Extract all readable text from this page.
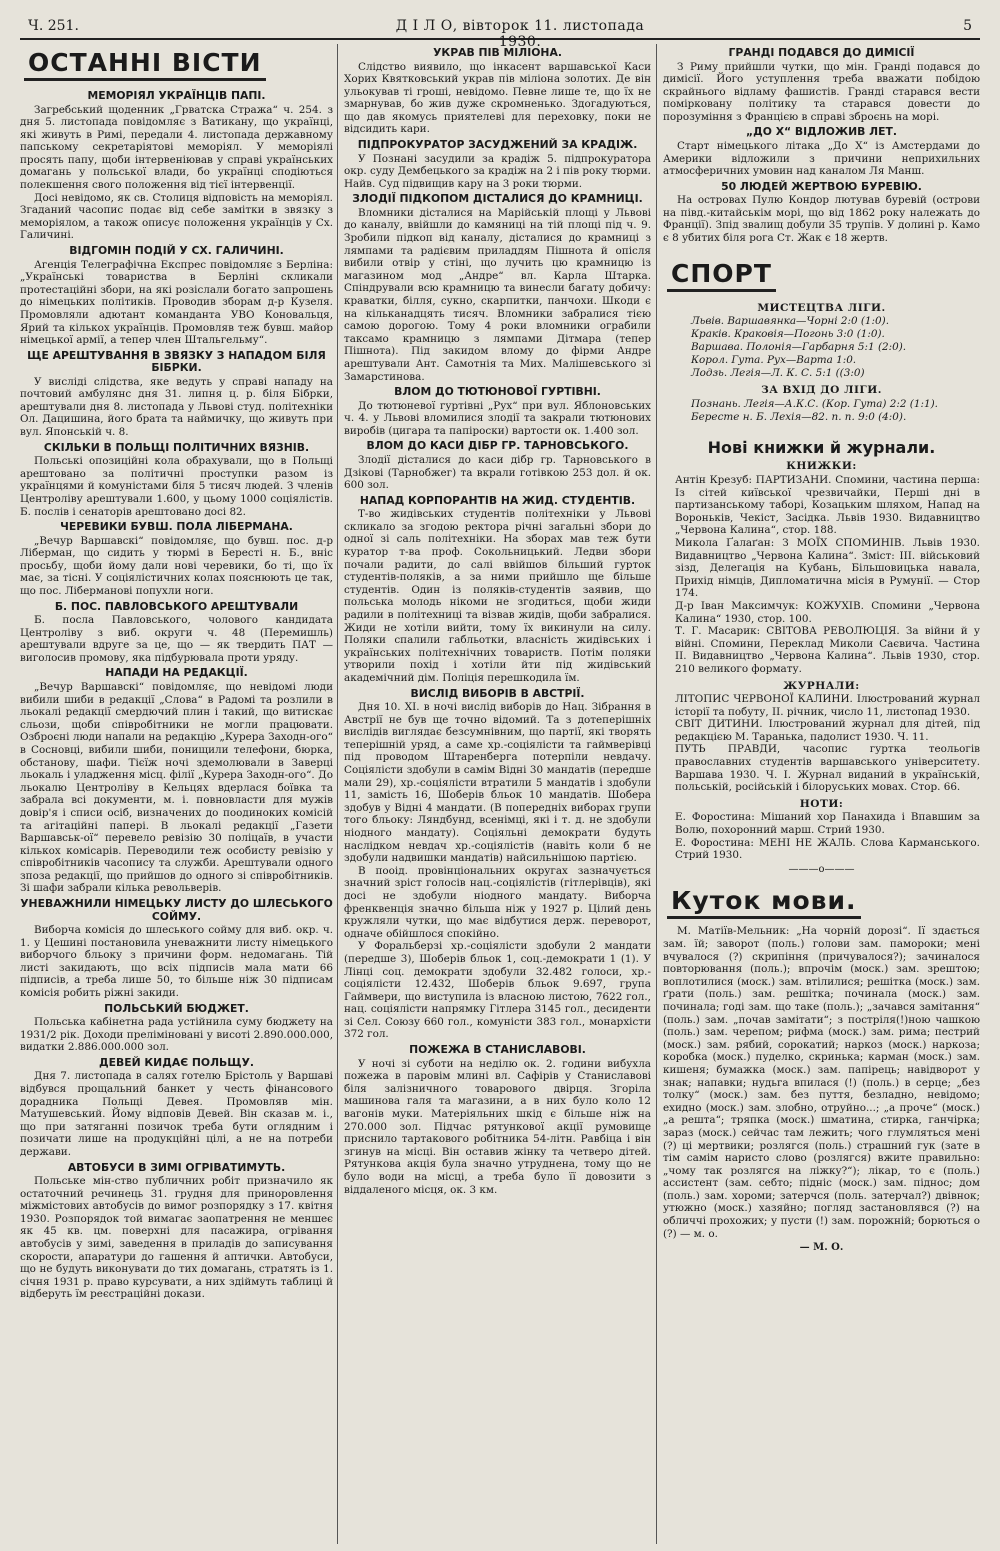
Ч. 251.	Д І Л О, вівторок 11. листопада 1930.
5
ОСТАННІ ВІСТИ
МЕМОРІЯЛ УКРАЇНЦІВ ПАПІ.

Загребський щоденник „Грватска Стража“ ч. 254. з дня 5. листопада повідомляє з Ватикану, що українці, які живуть в Римі, передали 4. листопада державному папському секретаріятові меморіял. У меморіялі просять папу, щоби інтервеніював у справі українських домагань у польської влади, бо українці сподіються полекшення свого положення від тієї інтервенції.

Досі невідомо, як св. Столиця відповість на меморіял. Згаданий часопис подає від себе замітки в звязку з меморіялом, а також описує положення українців у Сх. Галичині.

ВІДГОМІН ПОДІЙ У СХ. ГАЛИЧИНІ.

Агенція Телеграфічна Експрес повідомляє з Берліна: „Українські товариства в Берліні скликали протестаційні збори, на які розіслали богато запрошень до німецьких політиків. Проводив зборам д-р Кузеля. Промовляли адютант команданта УВО Коновальця, Ярий та кількох українців. Промовляв теж бувш. майор німецької армії, а тепер член Штальгельму“.

ЩЕ АРЕШТУВАННЯ В ЗВЯЗКУ З НАПАДОМ БІЛЯ БІБРКИ.

У висліді слідства, яке ведуть у справі нападу на почтовий амбулянс дня 31. липня ц. р. біля Бібрки, арештували дня 8. листопада у Львові студ. політехніки Ол. Дацишина, його брата та наймичку, що живуть при вул. Японській ч. 8.

СКІЛЬКИ В ПОЛЬЩІ ПОЛІТИЧНИХ ВЯЗНІВ.

Польські опозиційні кола обрахували, що в Польщі арештовано за політичні проступки разом із українцями й комуністами біля 5 тисяч людей. З членів Центроліву арештували 1.600, у цьому 1000 соціялістів. Б. послів і сенаторів арештовано досі 82.

ЧЕРЕВИКИ БУВШ. ПОЛА ЛІБЕРМАНА.

„Вечур Варшавскі“ повідомляє, що бувш. пос. д-р Ліберман, що сидить у тюрмі в Бересті н. Б., вніс просьбу, щоби йому дали нові черевики, бо ті, що їх має, за тісні. У соціялістичних колах пояснюють це так, що пос. Ліберманові попухли ноги.

Б. ПОС. ПАВЛОВСЬКОГО АРЕШТУВАЛИ

Б. посла Павловського, чолового кандидата Центроліву з виб. округи ч. 48 (Перемишль) арештували вдруге за це, що — як твердить ПАТ — виголосив промову, яка підбурювала проти уряду.

НАПАДИ НА РЕДАКЦІЇ.

„Вечур Варшавскі“ повідомляє, що невідомі люди вибили шиби в редакції „Слова“ в Радомі та розлили в льокалі редакції смердючий плин і такий, що витискає сльози, щоби співробітники не могли працювати. Озброєні люди напали на редакцію „Курера Заходн-ого“ в Сосновці, вибили шиби, понищили телефони, бюрка, обстанову, шафи. Тієїж ночі здемолювали в Заверці льокаль і уладження місц. філії „Курера Заходн-ого“. До льокалю Центроліву в Кельцях вдерлася боївка та забрала всі документи, м. і. повновласти для мужів довір'я і списи осіб, визначених до поодиноких комісій та агітаційні папері. В льокалі редакції „Газети Варшавськ-ої“ перевело ревізію 30 поліцаїв, в участи кількох комісарів. Переводили теж особисту ревізію у співробітників часопису та служби. Арештували одного зпоза редакції, що прийшов до одного зі співробітників. Зі шафи забрали кілька револьверів.

УНЕВАЖНИЛИ НІМЕЦЬКУ ЛИСТУ ДО ШЛЕСЬКОГО СОЙМУ.

Виборча комісія до шлеського сойму для виб. окр. ч. 1. у Цешині постановила уневажнити листу німецького виборчого бльоку з причини форм. недомагань. Тій листі закидають, що всіх підписів мала мати 66 підписів, а треба лише 50, то більше ніж 30 підписам комісія робить ріжні закиди.

ПОЛЬСЬКИЙ БЮДЖЕТ.

Польська кабінетна рада устійнила суму бюджету на 1931/2 рік. Доходи преліміновані у висоті 2.890.000.000, видатки 2.886.000.000 зол.

ДЕВЕЙ КИДАЄ ПОЛЬЩУ.

Дня 7. листопада в салях готелю Брістоль у Варшаві відбувся прощальний банкет у честь фінансового дорадника Польщі Девея. Промовляв мін. Матушевський. Йому відповів Девей. Він сказав м. і., що при затяганні позичок треба бути оглядним і позичати лише на продукційні цілі, а не на потреби держави.

АВТОБУСИ В ЗИМІ ОГРІВАТИМУТЬ.

Польське мін-ство публичних робіт призначило як остаточний речинець 31. грудня для приноровлення міжмістових автобусів до вимог розпорядку з 17. квітня 1930. Розпорядок той вимагає заопатрення не меншеє як 45 кв. цм. поверхні для пасажира, огрівання автобусів у зимі, заведення в приладів до записування скорости, апаратури до гашення й аптички. Автобуси, що не будуть виконувати до тих домагань, стратять із 1. січня 1931 р. право курсувати, а них здіймуть таблиці й відберуть їм реєстраційні докази.

УКРАВ ПІВ МІЛІОНА.

Слідство виявило, що інкасент варшавської Каси Хорих Квятковський украв пів міліона золотих. Де він ульокував ті гроші, невідомо. Певне лише те, що їх не змарнував, бо жив дуже скромненько. Здогадуються, що дав якомусь приятелеві для переховку, поки не відсидить кари.

ПІДПРОКУРАТОР ЗАСУДЖЕНИЙ ЗА КРАДІЖ.

У Познані засудили за крадіж 5. підпрокуратора окр. суду Дембецького за крадіж на 2 і пів року тюрми. Найв. Суд підвищив кару на 3 роки тюрми.

ЗЛОДІЇ ПІДКОПОМ ДІСТАЛИСЯ ДО КРАМНИЦІ.

Вломники дісталися на Марійській площі у Львові до каналу, ввійшли до камяниці на тій площі під ч. 9. Зробили підкоп від каналу, дісталися до крамниці з лямпами та радієвим приладдям Пішнота й опісля вибили отвір у стіні, що лучить цю крамницю із магазином мод „Андре“ вл. Карла Штарка. Спіндрували всю крамницю та винесли багату добичу: краватки, білля, сукно, скарпитки, панчохи. Шкоди є на кільканадцять тисяч. Вломники забралися тією самою дорогою. Тому 4 роки вломники ограбили таксамо крамницю з лямпами Дітмара (тепер Пішнота). Під закидом вломy до фірми Андре арештували Ант. Самотнія та Мих. Малішевського зі Замарстинова.

ВЛОМ ДО ТЮТЮНОВОЇ ГУРТІВНІ.

До тютюневої гуртівні „Рух“ при вул. Яблоновських ч. 4. у Львові вломилися злодії та закрали тютюнових виробів (цигара та папіроски) вартости ок. 1.400 зол.

ВЛОМ ДО КАСИ ДІБР ГР. ТАРНОВСЬКОГО.

Злодії дісталися до каси дібр гр. Тарновського в Дзікові (Тарнобжег) та вкрали готівкою 253 дол. й ок. 600 зол.

НАПАД КОРПОРАНТІВ НА ЖИД. СТУДЕНТІВ.

Т-во жидівських студентів політехніки у Львові скликало за згодою ректора річні загальні збори до одної зі саль політехніки. На зборах мав теж бути куратор т-ва проф. Сокольницький. Ледви збори почали радити, до салі ввійшов більший гурток студентів-поляків, а за ними прийшло ще більше студентів. Один із поляків-студентів заявив, що польська молодь нікоми не згодиться, щоби жиди радили в політехниці та візвав жидів, щоби забралися. Жиди не хотіли вийти, тому їх викинули на силу. Поляки спалили габльотки, власність жидівських і українських політехнічних товариств. Потім поляки утворили похід і хотіли йти під жидівський академічний дім. Поліція перешкодила їм.

ВИСЛІД ВИБОРІВ В АВСТРІЇ.

Дня 10. XI. в ночі вислід виборів до Нац. Зібрання в Австрії не був ще точно відомий. Та з дотеперішніх вислідів виглядає безсумнівним, що партії, які творять теперішній уряд, а саме хр.-соціялісти та гаймверівці під проводом Штаренберга потерпіли невдачу. Соціялісти здобули в самім Відні 30 мандатів (передше мали 29), хр.-соціялісти втратили 5 мандатів і здобули 11, замість 16, Шоберів бльок 10 мандатів. Шобера здобув у Відні 4 мандати. (В попередніх виборах групи того бльоку: Ляндбунд, всенімці, які і т. д. не здобули ніодного мандату). Соціяльні демократи будуть наслідком невдач хр.-соціялістів (навіть коли б не здобули надвишки мандатів) найсильнішою партією.

В пооід. провінціональних округах зазначується значний зріст голосів нац.-соціялістів (гітлерівців), які досі не здобули ніодного мандату. Виборча френквенція значно більша ніж у 1927 р. Цілий день кружляли чутки, що має відбутися держ. переворот, одначе обійшлося спокійно.

У Форальберзі хр.-соціялісти здобули 2 мандати (передше 3), Шоберів бльок 1, соц.-демократи 1 (1). У Лінці соц. демократи здобули 32.482 голоси, хр.-соціялісти 12.432, Шоберів бльок 9.697, група Гаймвери, що виступила із власною листою, 7622 гол., нац. соціялісти напрямку Гітлера 3145 гол., десиденти зі Сел. Союзу 660 гол., комуністи 383 гол., монархісти 372 гол.

ПОЖЕЖА В СТАНИСЛАВОВІ.

У ночі зі суботи на неділю ок. 2. години вибухла пожежа в паровім млині вл. Сафірів у Станиславові біля залізничного товарового двірця. Згоріла машинова галя та магазини, а в них було коло 12 вагонів муки. Матеріяльних шкід є більше ніж на 270.000 зол. Підчас рятункової акції румовище приснило тартакового робітника 54-літн. Равбіца і він згинув на місці. Він оставив жінку та четверо дітей. Рятункова акція була значно утруднена, тому що не було води на місці, а треба було її довозити з віддаленого місця, ок. 3 км.

ГРАНДІ ПОДАВСЯ ДО ДИМІСІЇ

З Риму прийшли чутки, що мін. Гранді подався до димісії. Його уступлення треба вважати побідою скрайнього відламу фашистів. Гранді старався вести помірковану політику та старався довести до порозуміння з Францією в справі зброєнь на морі.

„ДО Х“ ВІДЛОЖИВ ЛЕТ.

Старт німецького літака „До Х“ із Амстердами до Америки відложили з причини неприхильних атмосферичних умовин над каналом Ля Манш.

50 ЛЮДЕЙ ЖЕРТВОЮ БУРЕВІЮ.

На островах Пулю Кондор лютував буревій (острови на півд.-китайськім морі, що від 1862 року належать до Франції). Зпід звалищ добули 35 трупів. У долині р. Камо є 8 убитих біля рога Ст. Жак є 18 жертв.

СПОРТ
МИСТЕЦТВА ЛІГИ.

Львів. Варшавянка—Чорні 2:0 (1:0).

Краків. Краковія—Погонь 3:0 (1:0).

Варшава. Полонія—Гарбарня 5:1 (2:0).

Корол. Гута. Рух—Варта 1:0.

Лодзь. Легія—Л. К. С. 5:1 ((3:0)

ЗА ВХІД ДО ЛІГИ.

Познань. Легія—А.К.С. (Кор. Гута) 2:2 (1:1).

Берeсте н. Б. Лехія—82. п. п. 9:0 (4:0).

Нові книжки й журнали.
КНИЖКИ:

Антін Крезуб: ПАРТИЗАНИ. Спомини, частина перша: Із сітей київської чрезвичайки, Перші дні в партизанському таборі, Козацьким шляхом, Напад на Вороньків, Чекіст, Засідка. Львів 1930. Видавництво „Червона Калина“, стор. 188.

Микола Ґалаґан: З МОЇХ СПОМИНІВ. Львів 1930. Видавництво „Червона Калина“. Зміст: III. військовий зізд, Делегація на Кубань, Більшовицька навала, Прихід німців, Дипломатична місія в Румунії. — Стор 174.

Д-р Іван Максимчук: КОЖУХІВ. Спомини „Червона Калина“ 1930, стор. 100.

Т. Г. Масарик: СВІТОВА РЕВОЛЮЦІЯ. За війни й у війні. Спомини, Переклад Миколи Саєвича. Частина II. Видавництво „Червона Калина“. Львів 1930, стор. 210 великого формату.

ЖУРНАЛИ:

ЛІТОПИС ЧЕРВОНОЇ КАЛИНИ. Ілюстрований журнал історії та побуту, II. річник, число 11, листопад 1930.

СВІТ ДИТИНИ. Ілюстрований журнал для дітей, під редакцією М. Таранька, падолист 1930. Ч. 11.

ПУТЬ ПРАВДИ, часопис гуртка теольогів православних студентів варшавського університету. Варшава 1930. Ч. I. Журнал виданий в українській, польській, російській і білоруських мовах. Стор. 66.

НОТИ:

Е. Фороcтина: Мішаний хор Панахида і Впавшим за Волю, похоронний марш. Стрий 1930.

Е. Фороcтина: МЕНІ НЕ ЖАЛЬ. Слова Карманського. Стрий 1930.

———o———
Куток мови.

М. Матіїв-Мельник: „На чорній дорозі“. Ії здається зам. їй; заворот (поль.) голови зам. памороки; мені вчувалося (?) скрипіння (причувалося?); зачиналося повторювання (поль.); впрочім (моск.) зам. зрештою; воплотилися (моск.) зам. втілилися; решітка (моск.) зам. ґрати (поль.) зам. решітка; починала (моск.) зам. починала; годі зам. що таке (поль.); „зачався замітання“ (поль.) зам. „почав замітати“; з постріля(!)ною чашкою (поль.) зам. черепом; рифма (моск.) зам. рима; пестрий (моск.) зам. рябий, сорокатий; наркоз (моск.) наркоза; коробка (моск.) пуделко, скринька; карман (моск.) зам. кишеня; бумажка (моск.) зам. папірець; навідворот у знак; напавки; нудьга впилася (!) (поль.) в серце; „без толку“ (моск.) зам. без пуття, безладно, невідомо; ехидно (моск.) зам. злобно, отруйно...; „а проче“ (моск.) „а решта“; тряпка (моск.) шматина, стирка, ганчірка; зараз (моск.) сейчас там лежить; чого глумляться мені (?) ці мертвики; розлягся (поль.) страшний гук (зате в тім самім наристо слово (розлягся) вжите правильно: „чому так розлягся на ліжку?“); лікар, то є (поль.) ассистент (зам. себто; підніс (моск.) зам. піднос; дом (поль.) зам. хороми; затерчся (поль. затерчал?) двівнок; утюжно (моск.) хазяйно; погляд застановлявся (?) на обличчі прохожих; у пусти (!) зам. порожній; борються о (?) — м. о.

— М. О.
